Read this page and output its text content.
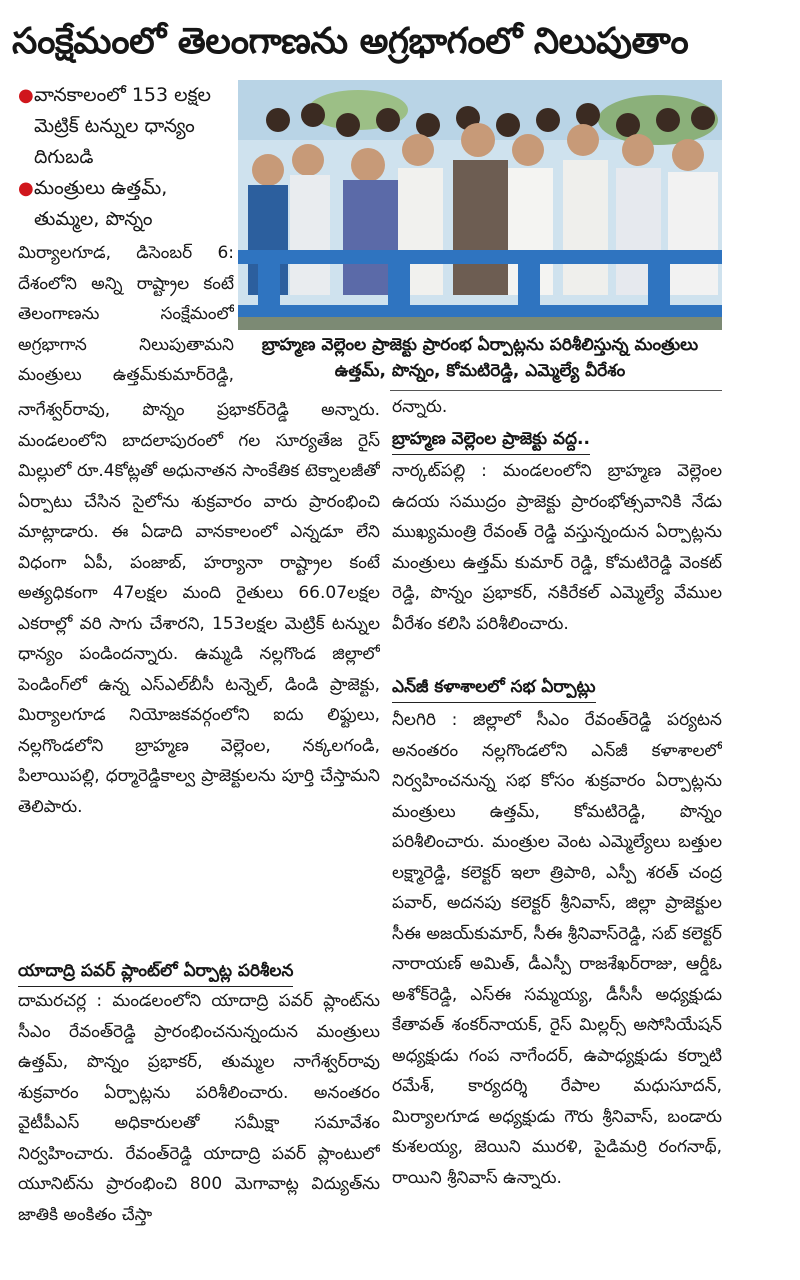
సంక్షేమంలో తెలంగాణను అగ్రభాగంలో నిలుపుతాం
● వానకాలంలో 153 లక్షల మెట్రిక్ టన్నుల ధాన్యం దిగుబడి
● మంత్రులు ఉత్తమ్, తుమ్మల, పొన్నం

మిర్యాలగూడ, డిసెంబర్ 6: దేశంలోని అన్ని రాష్ట్రాల కంటే తెలంగాణను సంక్షేమంలో అగ్రభాగాన నిలుపుతామని మంత్రులు ఉత్తమ్‌కుమార్‌రెడ్డి,

నాగేశ్వర్‌రావు, పొన్నం ప్రభాకర్‌రెడ్డి అన్నారు. మండలంలోని బాదలాపురంలో గల సూర్యతేజ రైస్ మిల్లులో రూ.4కోట్లతో అధునాతన సాంకేతిక టెక్నాలజీతో ఏర్పాటు చేసిన సైలోను శుక్రవారం వారు ప్రారంభించి మాట్లాడారు. ఈ ఏడాది వానకాలంలో ఎన్నడూ లేని విధంగా ఏపీ, పంజాబ్, హర్యానా రాష్ట్రాల కంటే అత్యధికంగా 47లక్షల మంది రైతులు 66.07లక్షల ఎకరాల్లో వరి సాగు చేశారని, 153లక్షల మెట్రిక్ టన్నుల ధాన్యం పండిందన్నారు. ఉమ్మడి నల్లగొండ జిల్లాలో పెండింగ్‌లో ఉన్న ఎస్ఎల్‌బీసీ టన్నెల్, డిండి ప్రాజెక్టు, మిర్యాలగూడ నియోజకవర్గంలోని ఐదు లిఫ్టులు, నల్లగొండలోని బ్రాహ్మణ వెల్లెంల, నక్కలగండి, పిలాయిపల్లి, ధర్మారెడ్డికాల్వ ప్రాజెక్టులను పూర్తి చేస్తామని తెలిపారు.

యాదాద్రి పవర్ ప్లాంట్‌లో ఏర్పాట్ల పరిశీలన

దామరచర్ల : మండలంలోని యాదాద్రి పవర్ ప్లాంట్‌ను సీఎం రేవంత్‌రెడ్డి ప్రారంభించనున్నందున మంత్రులు ఉత్తమ్, పొన్నం ప్రభాకర్, తుమ్మల నాగేశ్వర్‌రావు శుక్రవారం ఏర్పాట్లను పరిశీలించారు. అనంతరం వైటీపీఎస్ అధికారులతో సమీక్షా సమావేశం నిర్వహించారు. రేవంత్‌రెడ్డి యాదాద్రి పవర్ ప్లాంటులో యూనిట్‌ను ప్రారంభించి 800 మెగావాట్ల విద్యుత్‌ను జాతికి అంకితం చేస్తా

బ్రాహ్మణ వెల్లెంల ప్రాజెక్టు ప్రారంభ ఏర్పాట్లను పరిశీలిస్తున్న మంత్రులు ఉత్తమ్, పొన్నం, కోమటిరెడ్డి, ఎమ్మెల్యే వీరేశం

రన్నారు.

బ్రాహ్మణ వెల్లెంల ప్రాజెక్టు వద్ద..

నార్కట్‌పల్లి : మండలంలోని బ్రాహ్మణ వెల్లెంల ఉదయ సముద్రం ప్రాజెక్టు ప్రారంభోత్సవానికి నేడు ముఖ్యమంత్రి రేవంత్ రెడ్డి వస్తున్నందున ఏర్పాట్లను మంత్రులు ఉత్తమ్ కుమార్ రెడ్డి, కోమటిరెడ్డి వెంకట్ రెడ్డి, పొన్నం ప్రభాకర్, నకిరేకల్ ఎమ్మెల్యే వేముల వీరేశం కలిసి పరిశీలించారు.

ఎన్‌జీ కళాశాలలో సభ ఏర్పాట్లు

నీలగిరి : జిల్లాలో సీఎం రేవంత్‌రెడ్డి పర్యటన అనంతరం నల్లగొండలోని ఎన్‌జీ కళాశాలలో నిర్వహించనున్న సభ కోసం శుక్రవారం ఏర్పాట్లను మంత్రులు ఉత్తమ్, కోమటిరెడ్డి, పొన్నం పరిశీలించారు. మంత్రుల వెంట ఎమ్మెల్యేలు బత్తుల లక్ష్మారెడ్డి, కలెక్టర్ ఇలా త్రిపాఠి, ఎస్పీ శరత్ చంద్ర పవార్, అదనపు కలెక్టర్ శ్రీనివాస్, జిల్లా ప్రాజెక్టుల సీఈ అజయ్‌కుమార్, సీఈ శ్రీనివాస్‌రెడ్డి, సబ్ కలెక్టర్ నారాయణ్ అమిత్, డీఎస్పీ రాజశేఖర్‌రాజు, ఆర్డీఓ అశోక్‌రెడ్డి, ఎస్ఈ సమ్మయ్య, డీసీసీ అధ్యక్షుడు కేతావత్ శంకర్‌నాయక్, రైస్ మిల్లర్స్ అసోసియేషన్ అధ్యక్షుడు గంప నాగేందర్, ఉపాధ్యక్షుడు కర్నాటి రమేశ్, కార్యదర్శి రేపాల మధుసూదన్, మిర్యాలగూడ అధ్యక్షుడు గౌరు శ్రీనివాస్, బండారు కుశలయ్య, జెయిని మురళి, పైడిమర్రి రంగనాథ్, రాయిని శ్రీనివాస్ ఉన్నారు.
